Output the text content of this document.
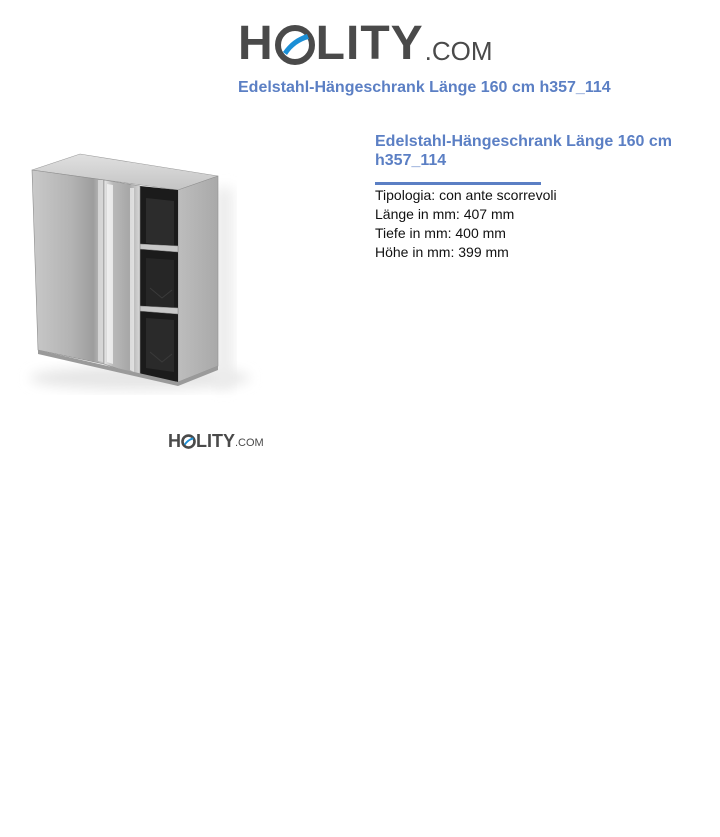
H LITY .COM
Edelstahl-Hängeschrank Länge 160 cm h357_114
H LITY .COM
Edelstahl-Hängeschrank Länge 160 cm h357_114
Tipologia: con ante scorrevoli
Länge in mm: 407 mm
Tiefe in mm: 400 mm
Höhe in mm: 399 mm
